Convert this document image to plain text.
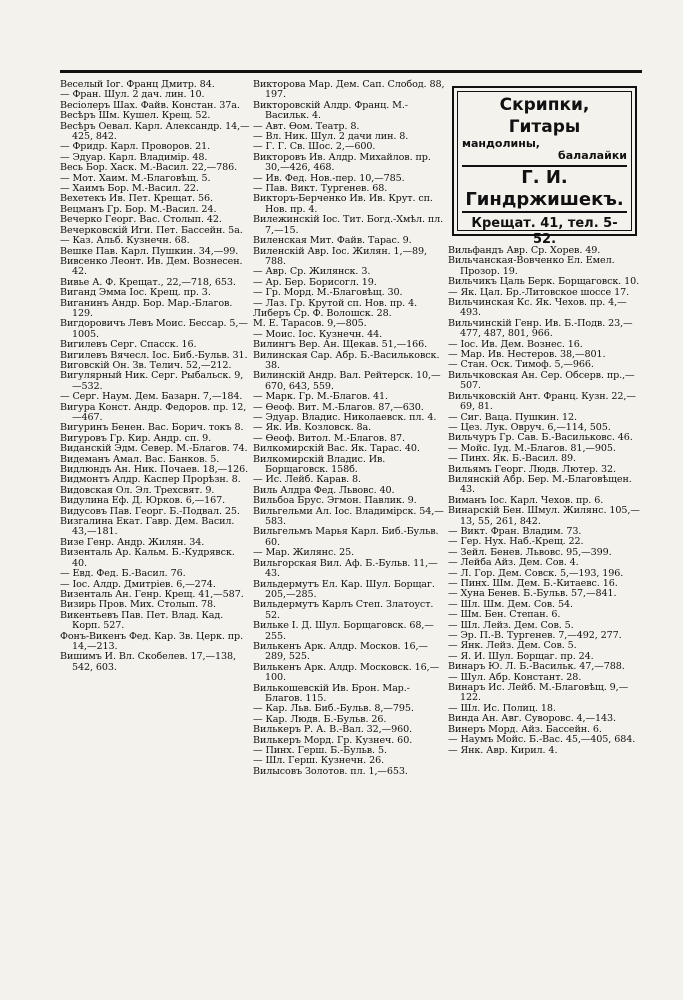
Скрипки, Гитары
мандолины,
балалайки
Г. И. Гиндржишекъ.
Крещат. 41, тел. 5-52.

Веселый Іог. Франц Дмитр. 84.

— Фран. Шул. 2 дач. лин. 10.

Весіолеръ Шах. Файв. Констан. 37а.

Весѣръ Шм. Кушел. Крещ. 52.

Весѣръ Оевал. Карл. Александр. 14,—425, 842.

— Фридр. Карл. Проворов. 21.

— Эдуар. Карл. Владимір. 48.

Весь Бор. Хаск. М.-Васил. 22,—786.

— Мот. Хаим. М.-Благовѣщ. 5.

— Хаимъ Бор. М.-Васил. 22.

Вехетекъ Ив. Пет. Крещат. 56.

Вецманъ Гр. Бор. М.-Васил. 24.

Вечерко Георг. Вас. Столып. 42.

Вечерковскій Иги. Пет. Бассейн. 5а.

— Каз. Альб. Кузнечн. 68.

Вешке Пав. Карл. Пушкин. 34,—99.

Вивсенко Леонт. Ив. Дем. Вознесен. 42.

Вивье А. Ф. Крещат., 22,—718, 653.

Виганд Эмма Іос. Крещ. пр. 3.

Виганинъ Андр. Бор. Мар.-Благов. 129.

Вигдоровичъ Левъ Моис. Бессар. 5,—1005.

Вигилевъ Серг. Спасск. 16.

Вигилевъ Вячесл. Іос. Биб.-Бульв. 31.

Виговскій Он. Зв. Телич. 52,—212.

Вигулярный Ник. Серг. Рыбальск. 9,—532.

— Серг. Наум. Дем. Базарн. 7,—184.

Вигура Конст. Андр. Федоров. пр. 12,—467.

Вигуринъ Бенен. Вас. Борич. токъ 8.

Вигуровъ Гр. Кир. Андр. сп. 9.

Виданскій Эдм. Север. М.-Благов. 74.

Видеманъ Амал. Вас. Банков. 5.

Видлюндъ Ан. Ник. Почаев. 18,—126.

Видмонтъ Алдр. Каспер Прорѣзн. 8.

Видовская Ол. Эл. Трехсвят. 9.

Видулина Еф. Д. Юрков. 6,—167.

Видусовъ Пав. Георг. Б.-Подвал. 25.

Визгалина Екат. Гавр. Дем. Васил. 43,—181.

Визе Генр. Андр. Жилян. 34.

Визенталь Ар. Кальм. Б.-Кудрявск. 40.

— Евд. Фед. Б.-Васил. 76.

— Іос. Алдр. Дмитріев. 6,—274.

Визенталь Ан. Генр. Крещ. 41,—587.

Визирь Пров. Мих. Столып. 78.

Викентьевъ Пав. Пет. Влад. Кад. Корп. 527.

Фонъ-Викенъ Фед. Кар. Зв. Церк. пр. 14,—213.

Вишимъ И. Вл. Скобелев. 17,—138, 542, 603.

Викторова Мар. Дем. Сап. Слобод. 88, 197.

Викторовскій Алдр. Франц. М.-Васильк. 4.

— Авт. Ѳом. Театр. 8.

— Вл. Ник. Шул. 2 дачи лин. 8.

— Г. Г. Св. Шос. 2,—600.

Викторовъ Ив. Алдр. Михайлов. пр. 30,—426, 468.

— Ив. Фед. Нов.-пер. 10,—785.

— Пав. Викт. Тургенев. 68.

Викторъ-Берченко Ив. Ив. Крут. сп. Нов. пр. 4.

Вилежинскій Іос. Тит. Богд.-Хмѣл. пл. 7,—15.

Виленская Мит. Файв. Тарас. 9.

Виленскій Авр. Іос. Жилян. 1,—89, 788.

— Авр. Ср. Жилянск. 3.

— Ар. Бер. Борисогл. 19.

— Гр. Морд. М.-Благовѣщ. 30.

— Лаз. Гр. Крутой сп. Нов. пр. 4.

Либеръ Ср. Ф. Волошск. 28.

М. Е. Тарасов. 9,—805.

— Моис. Іос. Кузнечн. 44.

Вилингъ Вер. Ан. Щекав. 51,—166.

Вилинская Сар. Абр. Б.-Васильковск. 38.

Вилинскій Андр. Вал. Рейтерск. 10,—670, 643, 559.

— Марк. Гр. М.-Благов. 41.

— Ѳеоф. Вит. М.-Благов. 87,—630.

— Эдуар. Владис. Николаевск. пл. 4.

— Як. Ив. Козловск. 8а.

— Ѳеоф. Витол. М.-Благов. 87.

Вилкомирскій Вас. Як. Тарас. 40.

Вилкомирскій Владис. Ив. Борщаговск. 158б.

— Ис. Лейб. Карав. 8.

Виль Алдра Фед. Львовс. 40.

Вильбоа Брус. Эгмон. Павлик. 9.

Вильгельми Ал. Іос. Владимірск. 54,—583.

Вильгельмъ Марья Карл. Биб.-Бульв. 60.

— Мар. Жилянс. 25.

Вильгорская Вил. Аф. Б.-Бульв. 11,—43.

Вильдермутъ Ел. Кар. Шул. Борщаг. 205,—285.

Вильдермутъ Карлъ Степ. Златоуст. 52.

Вильке І. Д. Шул. Борщаговск. 68,—255.

Вилькенъ Арк. Алдр. Москов. 16,—289, 525.

Вилькенъ Арк. Алдр. Московск. 16,—100.

Вилькошевскій Ив. Брон. Мар.-Благов. 115.

— Кар. Льв. Биб.-Бульв. 8,—795.

— Кар. Людв. Б.-Бульв. 26.

Вилькеръ Р. А. В.-Вал. 32,—960.

Вилькеръ Морд. Гр. Кузнеч. 60.

— Пинх. Герш. Б.-Бульв. 5.

— Шл. Герш. Кузнечн. 26.

Вилысовъ Золотов. пл. 1,—653.

Вильфандъ Авр. Ср. Хорев. 49.

Вильчанская-Вовченко Ел. Емел. Прозор. 19.

Вильчикъ Цаль Берк. Борщаговск. 10.

— Як. Цал. Бр.-Литовское шоссе 17.

Вильчинская Кс. Як. Чехов. пр. 4,—493.

Вильчинскій Генр. Ив. Б.-Подв. 23,—477, 487, 801, 966.

— Іос. Ив. Дем. Вознес. 16.

— Мар. Ив. Нестеров. 38,—801.

— Стан. Оск. Тимоф. 5,—966.

Вильчковская Ан. Сер. Обсерв. пр.,—507.

Вильчковскій Ант. Франц. Кузн. 22,—69, 81.

— Сиг. Ваца. Пушкин. 12.

— Цез. Лук. Овруч. 6,—114, 505.

Вильчуръ Гр. Сав. Б.-Васильковс. 46.

— Мойс. Іуд. М.-Благов. 81,—905.

— Пинх. Як. Б.-Васил. 89.

Вильямъ Георг. Людв. Лютер. 32.

Вилянскій Абр. Бер. М.-Благовѣщен. 43.

Виманъ Іос. Карл. Чехов. пр. 6.

Винарскій Бен. Шмул. Жилянс. 105,—13, 55, 261, 842.

— Викт. Фран. Владим. 73.

— Гер. Нух. Наб.-Крещ. 22.

— Зейл. Бенев. Львовс. 95,—399.

— Лейба Айз. Дем. Сов. 4.

— Л. Гор. Дем. Совск. 5,—193, 196.

— Пинх. Шм. Дем. Б.-Китаевс. 16.

— Хуна Бенев. Б.-Бульв. 57,—841.

— Шл. Шм. Дем. Сов. 54.

— Шм. Бен. Степан. 6.

— Шл. Лейз. Дем. Сов. 5.

— Эр. П.-В. Тургенев. 7,—492, 277.

— Янк. Лейз. Дем. Сов. 5.

— Я. И. Шул. Борщаг. пр. 24.

Винаръ Ю. Л. Б.-Васильк. 47,—788.

— Шул. Абр. Констант. 28.

Винаръ Ис. Лейб. М.-Благовѣщ. 9,—122.

— Шл. Ис. Полиц. 18.

Винда Ан. Авг. Суворовс. 4,—143.

Винеръ Морд. Айз. Бассейн. 6.

— Наумъ Мойс. Б.-Вас. 45,—405, 684.

— Янк. Авр. Кирил. 4.
